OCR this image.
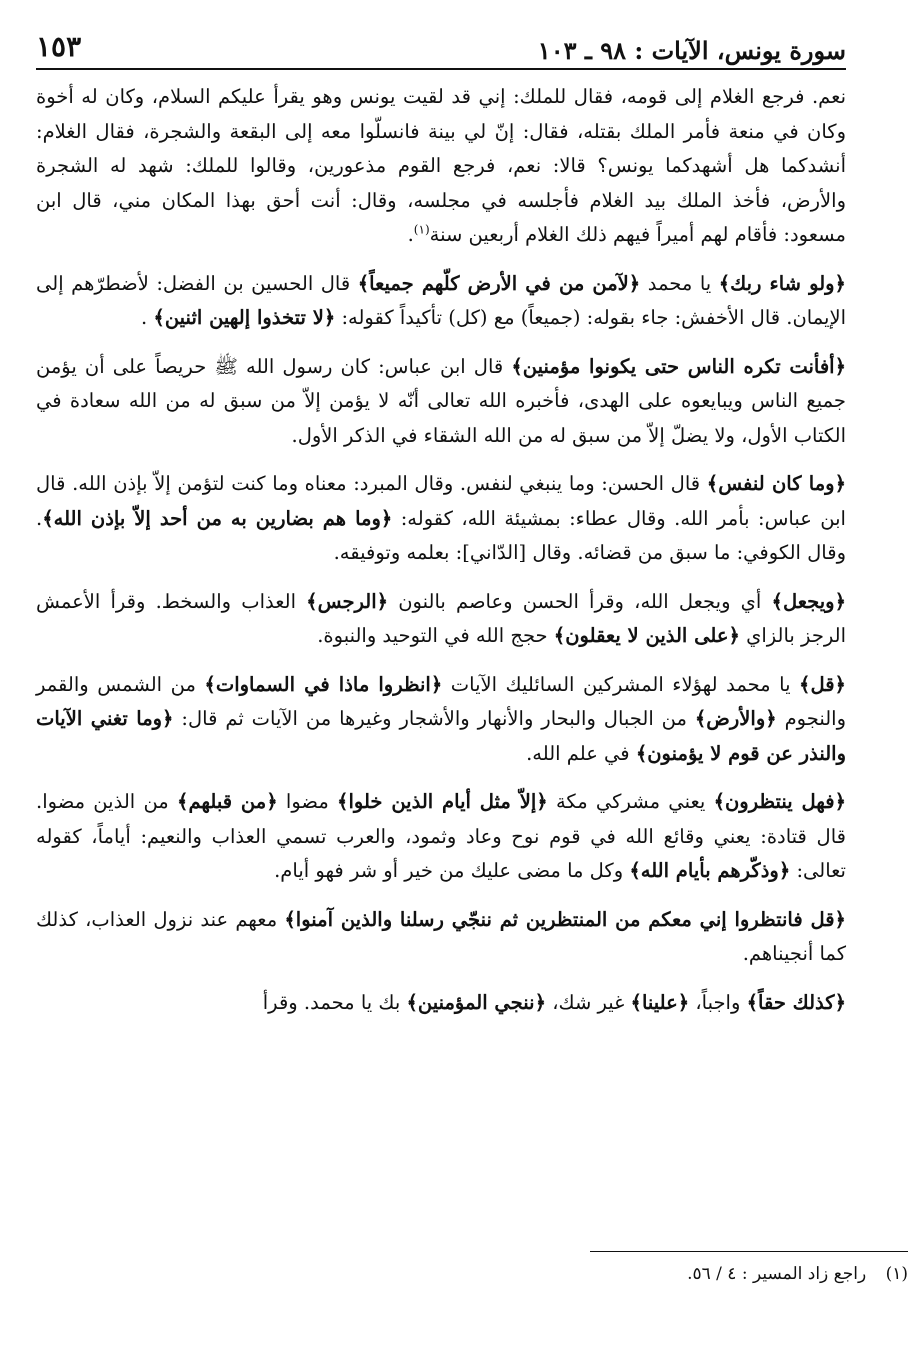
سورة يونس، الآيات : ٩٨ ـ ١٠٣
١٥٣

نعم. فرجع الغلام إلى قومه، فقال للملك: إني قد لقيت يونس وهو يقرأ عليكم السلام، وكان له أخوة وكان في منعة فأمر الملك بقتله، فقال: إنّ لي بينة فانسلّوا معه إلى البقعة والشجرة، فقال الغلام: أنشدكما هل أشهدكما يونس؟ قالا: نعم، فرجع القوم مذعورين، وقالوا للملك: شهد له الشجرة والأرض، فأخذ الملك بيد الغلام فأجلسه في مجلسه، وقال: أنت أحق بهذا المكان مني، قال ابن مسعود: فأقام لهم أميراً فيهم ذلك الغلام أربعين سنة$^{(١)}$.

﴿ولو شاء ربك﴾ يا محمد ﴿لآمن من في الأرض كلّهم جميعاً﴾ قال الحسين بن الفضل: لأضطرّهم إلى الإيمان. قال الأخفش: جاء بقوله: (جميعاً) مع (كل) تأكيداً كقوله: ﴿لا تتخذوا إلهين اثنين﴾ .

﴿أفأنت تكره الناس حتى يكونوا مؤمنين﴾ قال ابن عباس: كان رسول الله ﷺ حريصاً على أن يؤمن جميع الناس ويبايعوه على الهدى، فأخبره الله تعالى أنّه لا يؤمن إلاّ من سبق له من الله سعادة في الكتاب الأول، ولا يضلّ إلاّ من سبق له من الله الشقاء في الذكر الأول.

﴿وما كان لنفس﴾ قال الحسن: وما ينبغي لنفس. وقال المبرد: معناه وما كنت لتؤمن إلاّ بإذن الله. قال ابن عباس: بأمر الله. وقال عطاء: بمشيئة الله، كقوله: ﴿وما هم بضارين به من أحد إلاّ بإذن الله﴾. وقال الكوفي: ما سبق من قضائه. وقال [الدّاني]: بعلمه وتوفيقه.

﴿ويجعل﴾ أي ويجعل الله، وقرأ الحسن وعاصم بالنون ﴿الرجس﴾ العذاب والسخط. وقرأ الأعمش الرجز بالزاي ﴿على الذين لا يعقلون﴾ حجج الله في التوحيد والنبوة.

﴿قل﴾ يا محمد لهؤلاء المشركين السائليك الآيات ﴿انظروا ماذا في السماوات﴾ من الشمس والقمر والنجوم ﴿والأرض﴾ من الجبال والبحار والأنهار والأشجار وغيرها من الآيات ثم قال: ﴿وما تغني الآيات والنذر عن قوم لا يؤمنون﴾ في علم الله.

﴿فهل ينتظرون﴾ يعني مشركي مكة ﴿إلاّ مثل أيام الذين خلوا﴾ مضوا ﴿من قبلهم﴾ من الذين مضوا. قال قتادة: يعني وقائع الله في قوم نوح وعاد وثمود، والعرب تسمي العذاب والنعيم: أياماً، كقوله تعالى: ﴿وذكّرهم بأيام الله﴾ وكل ما مضى عليك من خير أو شر فهو أيام.

﴿قل فانتظروا إني معكم من المنتظرين ثم ننجّي رسلنا والذين آمنوا﴾ معهم عند نزول العذاب، كذلك كما أنجيناهم.

﴿كذلك حقاً﴾ واجباً، ﴿علينا﴾ غير شك، ﴿ننجي المؤمنين﴾ بك يا محمد. وقرأ

(١) راجع زاد المسير : ٤ / ٥٦.
